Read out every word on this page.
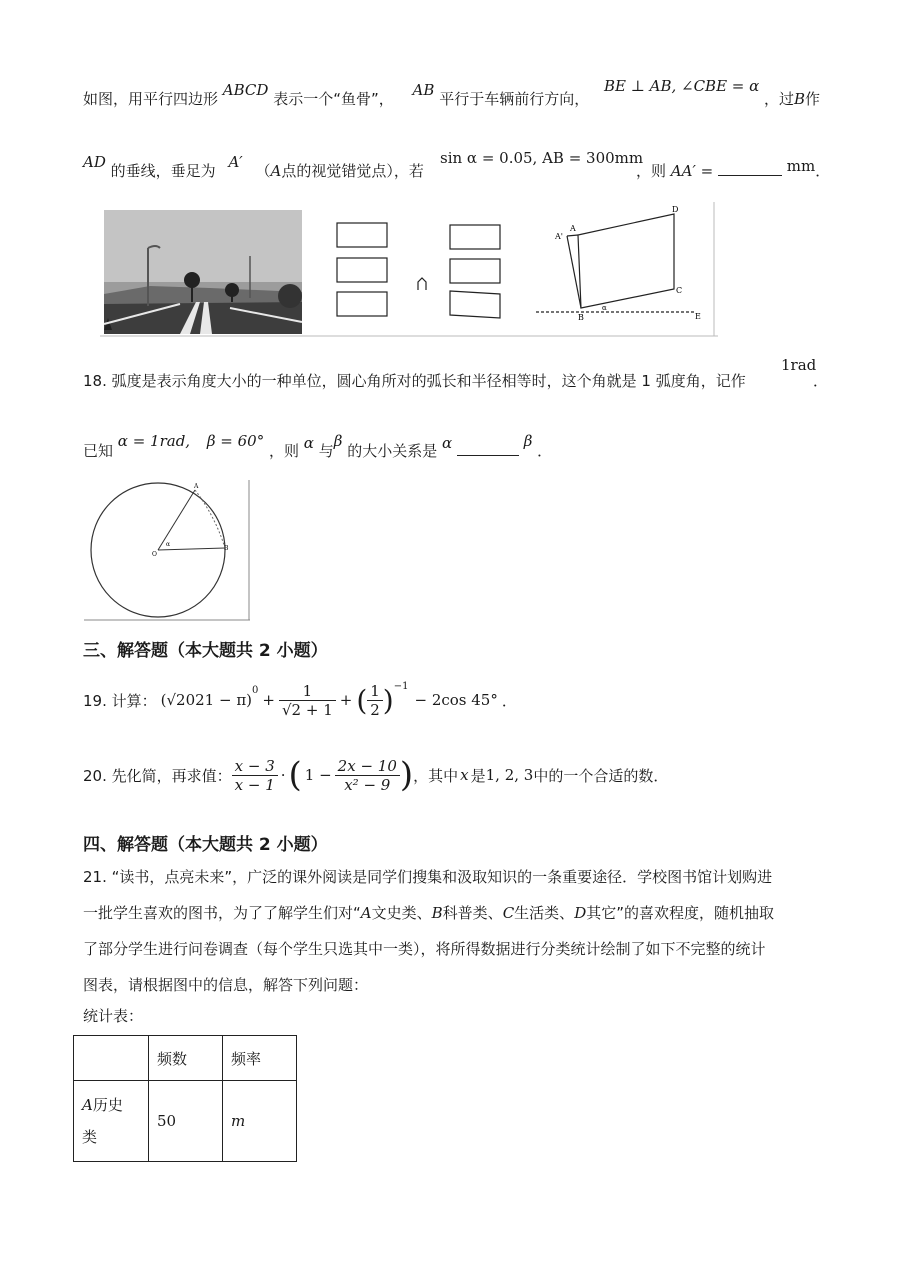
如图，用平行四边形 ABCD 表示一个“鱼骨”， AB 平行于车辆前行方向，
BE ⊥ AB, ∠CBE = α
，过B作
AD 的垂线，垂足为 A′ （A点的视觉错觉点），若
sin α = 0.05, AB = 300mm
，则 AA′ =	mm．
A'
A
D
C
B	E
α
18. 弧度是表示角度大小的一种单位，圆心角所对的弧长和半径相等时，这个角就是 1 弧度角，记作
1rad
．
已知 α = 1rad, β = 60° ，则 α 与β 的大小关系是 α	β ．
A
B
O
α
三、解答题（本大题共 2 小题）
19. 计算： (√2021 − π)
0
+ $\frac{1}{√2 + 1}$ + ( $\frac{1}{2}$ ) −1
− 2cos 45° ．
20. 先化简，再求值： $\frac{x - 3}{x - 1}$ · ( $1 - \frac{2x - 10}{\text{x² − 9}}$ ) ，其中 x 是 1, 2, 3 中的一个合适的数．
四、解答题（本大题共 2 小题）
21. “读书，点亮未来”，广泛的课外阅读是同学们搜集和汲取知识的一条重要途径．学校图书馆计划购进
一批学生喜欢的图书，为了了解学生们对“A文史类、B科普类、C生活类、D其它”的喜欢程度，随机抽取
了部分学生进行问卷调查（每个学生只选其中一类），将所得数据进行分类统计绘制了如下不完整的统计
图表，请根据图中的信息，解答下列问题：
统计表：
	频数	频率
A历史
类	50	m
